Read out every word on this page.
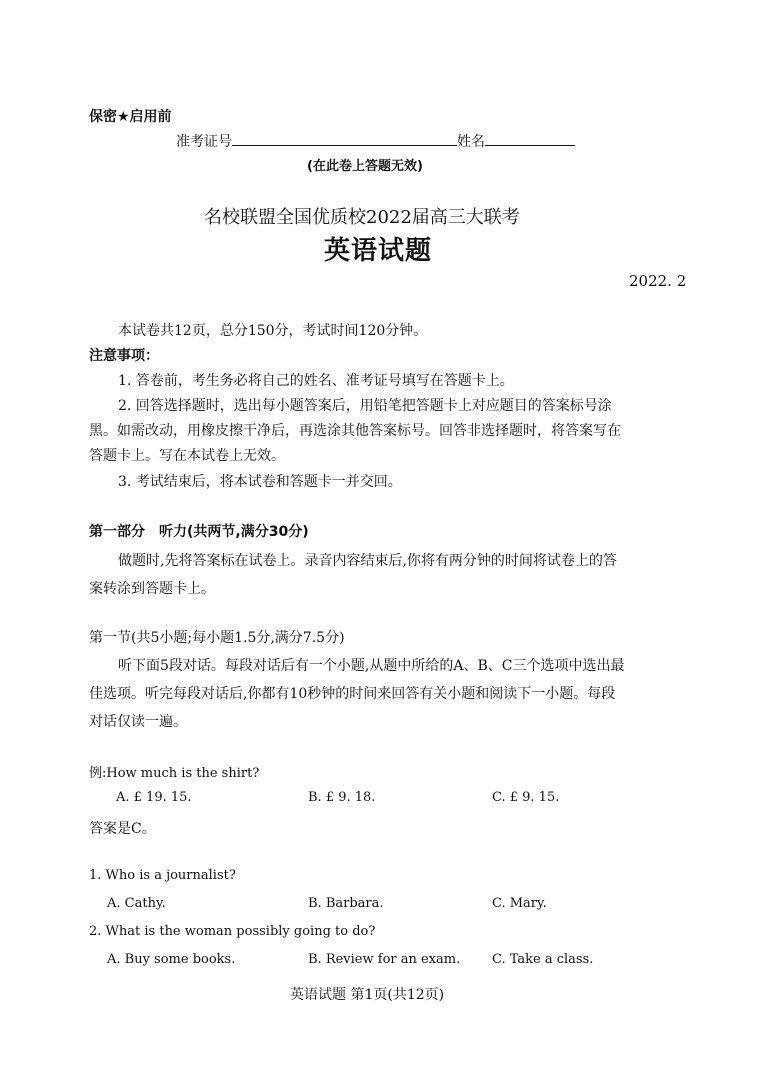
保密★启用前
准考证号	姓名
(在此卷上答题无效)
名校联盟全国优质校2022届高三大联考
英语试题
2022. 2
本试卷共12页，总分150分，考试时间120分钟。
注意事项：
1. 答卷前，考生务必将自己的姓名、准考证号填写在答题卡上。
2. 回答选择题时，选出每小题答案后，用铅笔把答题卡上对应题目的答案标号涂
黑。如需改动，用橡皮擦干净后，再选涂其他答案标号。回答非选择题时，将答案写在
答题卡上。写在本试卷上无效。
3. 考试结束后，将本试卷和答题卡一并交回。
第一部分　听力(共两节,满分30分)
做题时,先将答案标在试卷上。录音内容结束后,你将有两分钟的时间将试卷上的答
案转涂到答题卡上。
第一节(共5小题;每小题1.5分,满分7.5分)
听下面5段对话。每段对话后有一个小题,从题中所给的A、B、C三个选项中选出最
佳选项。听完每段对话后,你都有10秒钟的时间来回答有关小题和阅读下一小题。每段
对话仅读一遍。
例:How much is the shirt?
A. £ 19. 15.	B. £ 9. 18.	C. £ 9. 15.
答案是C。
1. Who is a journalist?
A. Cathy.	B. Barbara.	C. Mary.
2. What is the woman possibly going to do?
A. Buy some books.	B. Review for an exam. C. Take a class.
英语试题 第1页(共12页)
